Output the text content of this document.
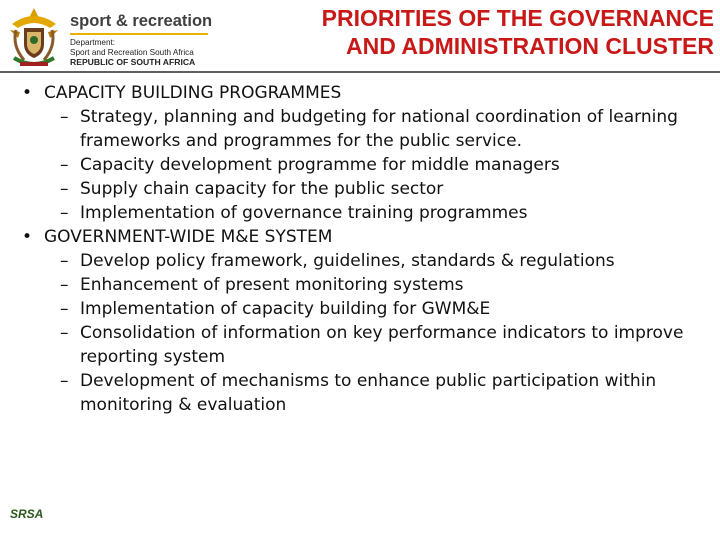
sport & recreation
Department:
Sport and Recreation South Africa
REPUBLIC OF SOUTH AFRICA
PRIORITIES OF THE GOVERNANCE
AND ADMINISTRATION CLUSTER
• CAPACITY BUILDING PROGRAMMES
– Strategy, planning and budgeting for national coordination of learning frameworks and programmes for the public service.
– Capacity development programme for middle managers
– Supply chain capacity for the public sector
– Implementation of governance training programmes
• GOVERNMENT-WIDE M&E SYSTEM
– Develop policy framework, guidelines, standards & regulations
– Enhancement of present monitoring systems
– Implementation of capacity building for GWM&E
– Consolidation of information on key performance indicators to improve reporting system
– Development of mechanisms to enhance public participation within monitoring & evaluation
SRSA
